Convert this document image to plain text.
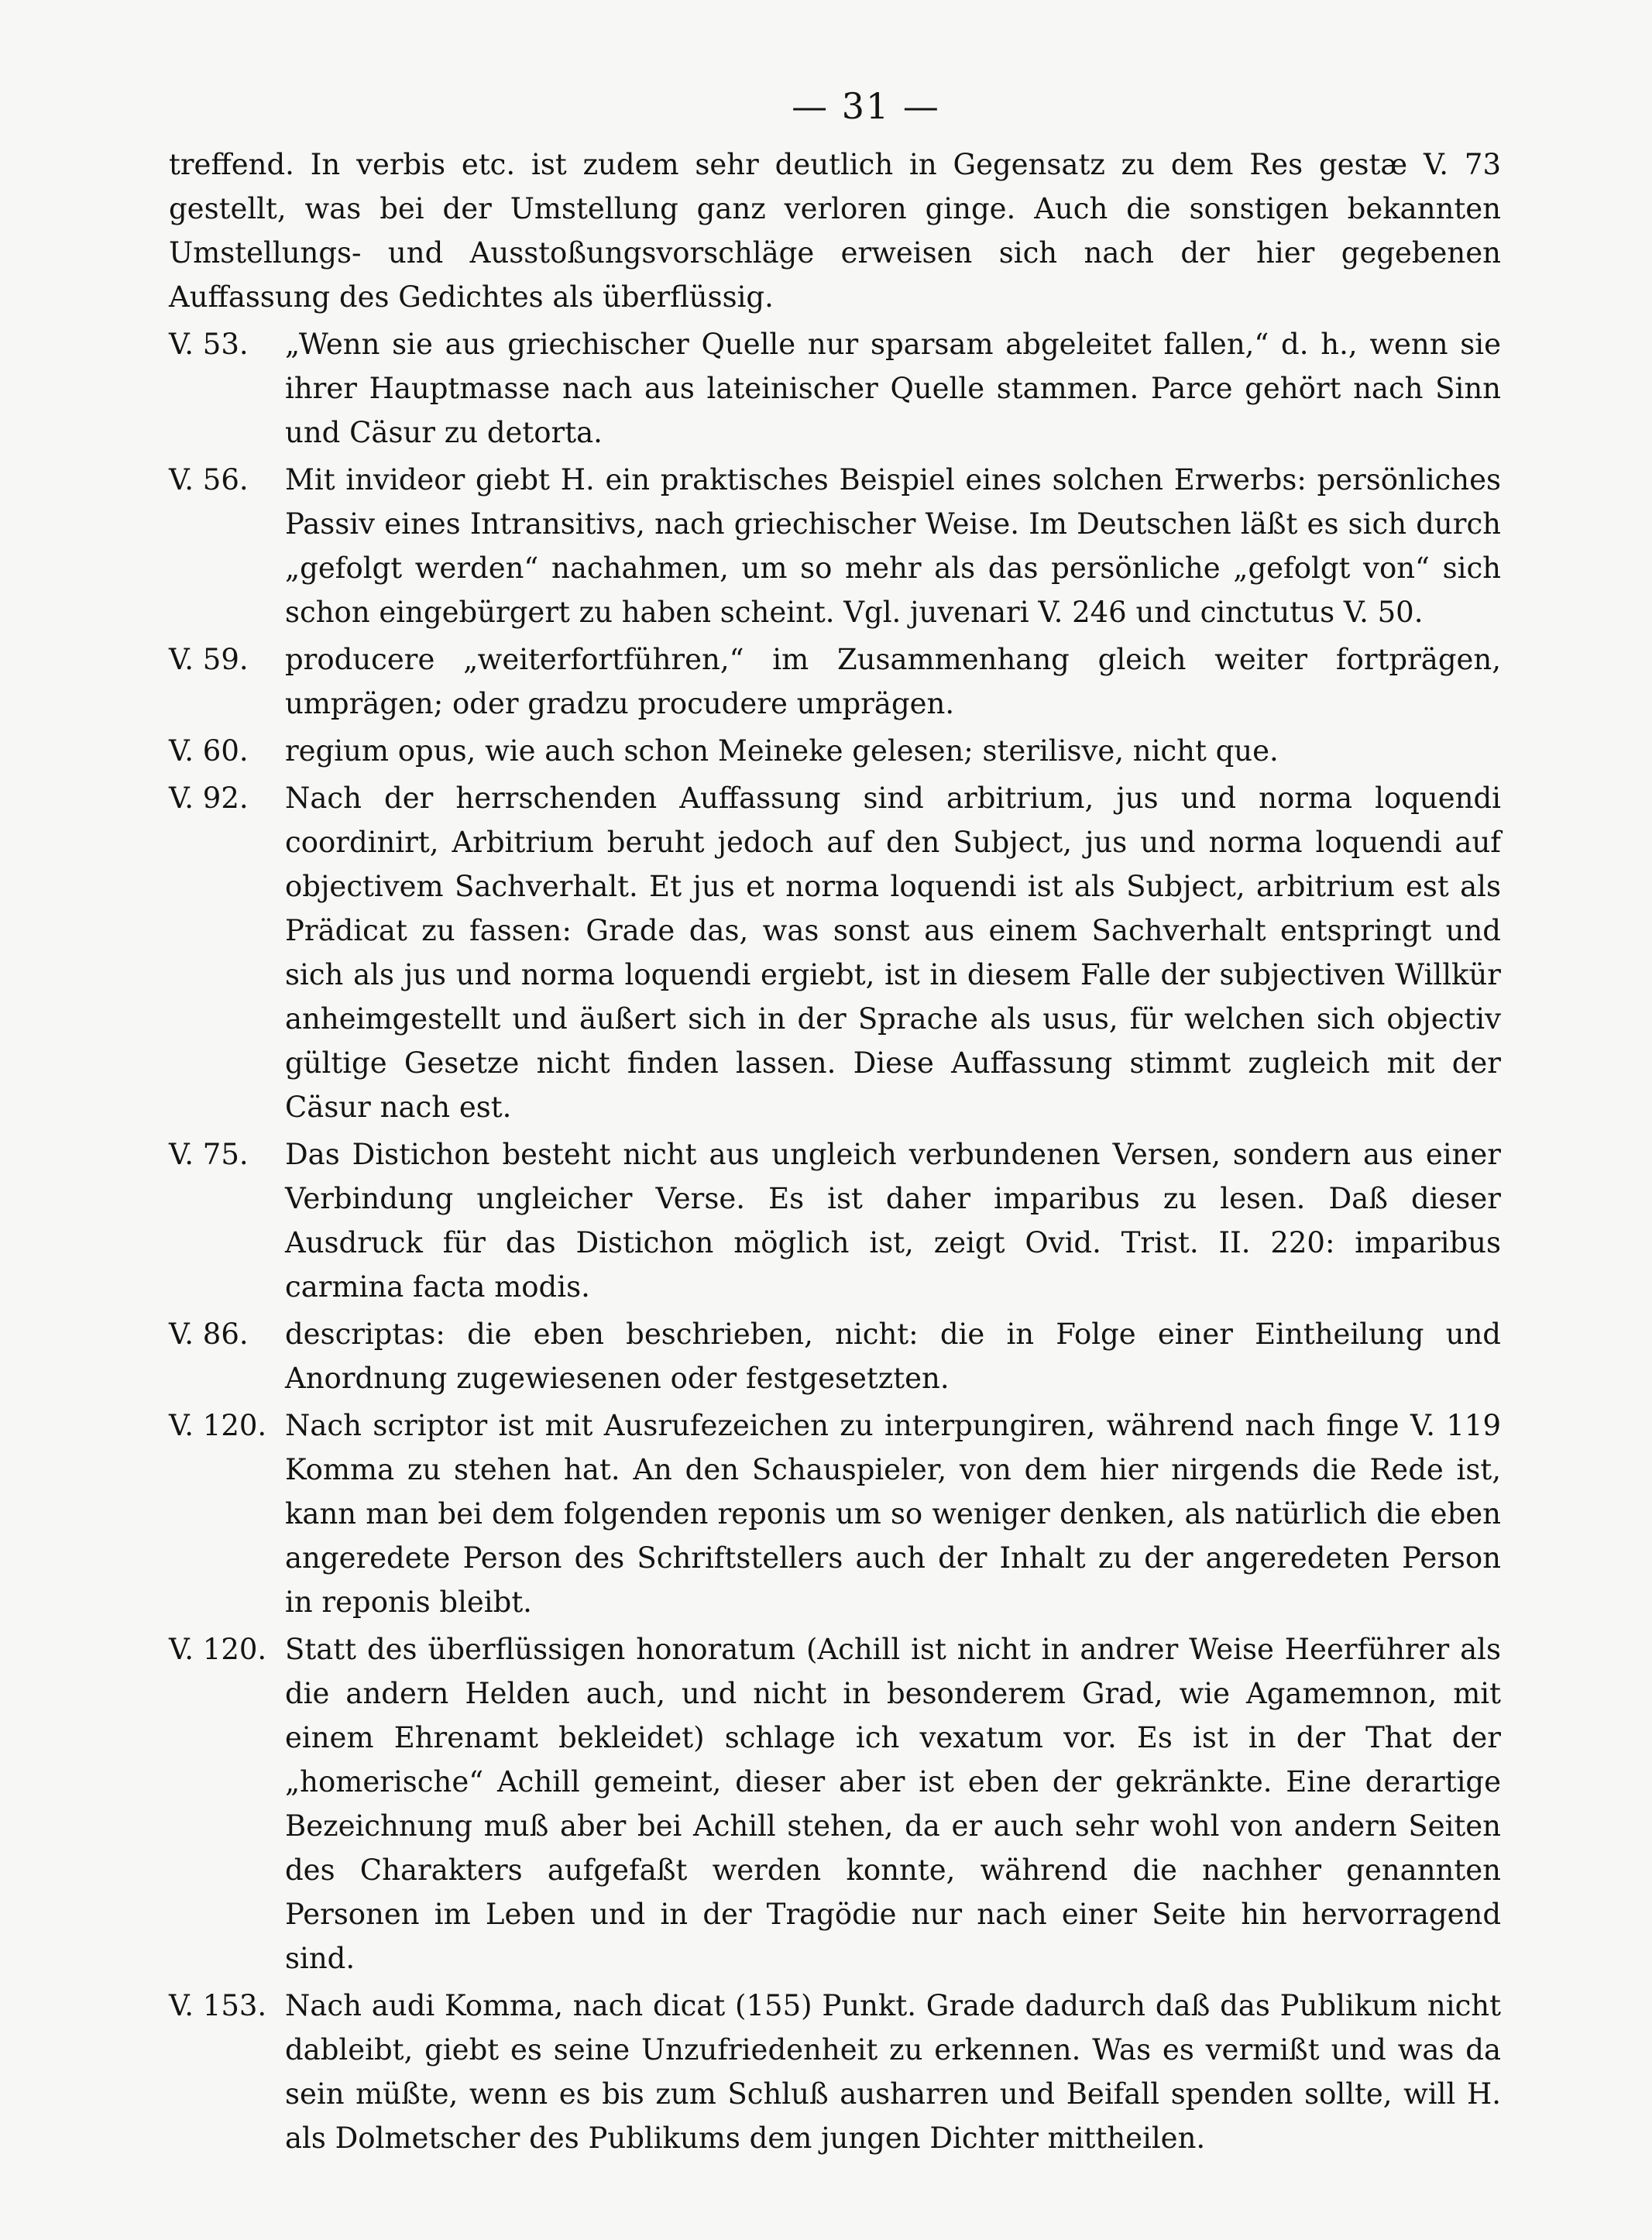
— 31 —
treffend. In verbis etc. ist zudem sehr deutlich in Gegensatz zu dem Res gestæ V. 73 gestellt, was bei der Umstellung ganz verloren ginge. Auch die sonstigen bekannten Umstellungs- und Ausstoßungsvorschläge erweisen sich nach der hier gegebenen Auffassung des Gedichtes als überflüssig.
V. 53.	„Wenn sie aus griechischer Quelle nur sparsam abgeleitet fallen,“ d. h., wenn sie ihrer Hauptmasse nach aus lateinischer Quelle stammen. Parce gehört nach Sinn und Cäsur zu detorta.
V. 56.	Mit invideor giebt H. ein praktisches Beispiel eines solchen Erwerbs: persönliches Passiv eines Intransitivs, nach griechischer Weise. Im Deutschen läßt es sich durch „gefolgt werden“ nachahmen, um so mehr als das persönliche „gefolgt von“ sich schon eingebürgert zu haben scheint. Vgl. juvenari V. 246 und cinctutus V. 50.
V. 59.	producere „weiterfortführen,“ im Zusammenhang gleich weiter fortprägen, umprägen; oder gradzu procudere umprägen.
V. 60.	regium opus, wie auch schon Meineke gelesen; sterilisve, nicht que.
V. 92.	Nach der herrschenden Auffassung sind arbitrium, jus und norma loquendi coordinirt, Arbitrium beruht jedoch auf den Subject, jus und norma loquendi auf objectivem Sachverhalt. Et jus et norma loquendi ist als Subject, arbitrium est als Prädicat zu fassen: Grade das, was sonst aus einem Sachverhalt entspringt und sich als jus und norma loquendi ergiebt, ist in diesem Falle der subjectiven Willkür anheimgestellt und äußert sich in der Sprache als usus, für welchen sich objectiv gültige Gesetze nicht finden lassen. Diese Auffassung stimmt zugleich mit der Cäsur nach est.
V. 75.	Das Distichon besteht nicht aus ungleich verbundenen Versen, sondern aus einer Verbindung ungleicher Verse. Es ist daher imparibus zu lesen. Daß dieser Ausdruck für das Distichon möglich ist, zeigt Ovid. Trist. II. 220: imparibus carmina facta modis.
V. 86.	descriptas: die eben beschrieben, nicht: die in Folge einer Eintheilung und Anordnung zugewiesenen oder festgesetzten.
V. 120. Nach scriptor ist mit Ausrufezeichen zu interpungiren, während nach finge V. 119 Komma zu stehen hat. An den Schauspieler, von dem hier nirgends die Rede ist, kann man bei dem folgenden reponis um so weniger denken, als natürlich die eben angeredete Person des Schriftstellers auch der Inhalt zu der angeredeten Person in reponis bleibt.
V. 120. Statt des überflüssigen honoratum (Achill ist nicht in andrer Weise Heerführer als die andern Helden auch, und nicht in besonderem Grad, wie Agamemnon, mit einem Ehrenamt bekleidet) schlage ich vexatum vor. Es ist in der That der „homerische“ Achill gemeint, dieser aber ist eben der gekränkte. Eine derartige Bezeichnung muß aber bei Achill stehen, da er auch sehr wohl von andern Seiten des Charakters aufgefaßt werden konnte, während die nachher genannten Personen im Leben und in der Tragödie nur nach einer Seite hin hervorragend sind.
V. 153. Nach audi Komma, nach dicat (155) Punkt. Grade dadurch daß das Publikum nicht dableibt, giebt es seine Unzufriedenheit zu erkennen. Was es vermißt und was da sein müßte, wenn es bis zum Schluß ausharren und Beifall spenden sollte, will H. als Dolmetscher des Publikums dem jungen Dichter mittheilen.
